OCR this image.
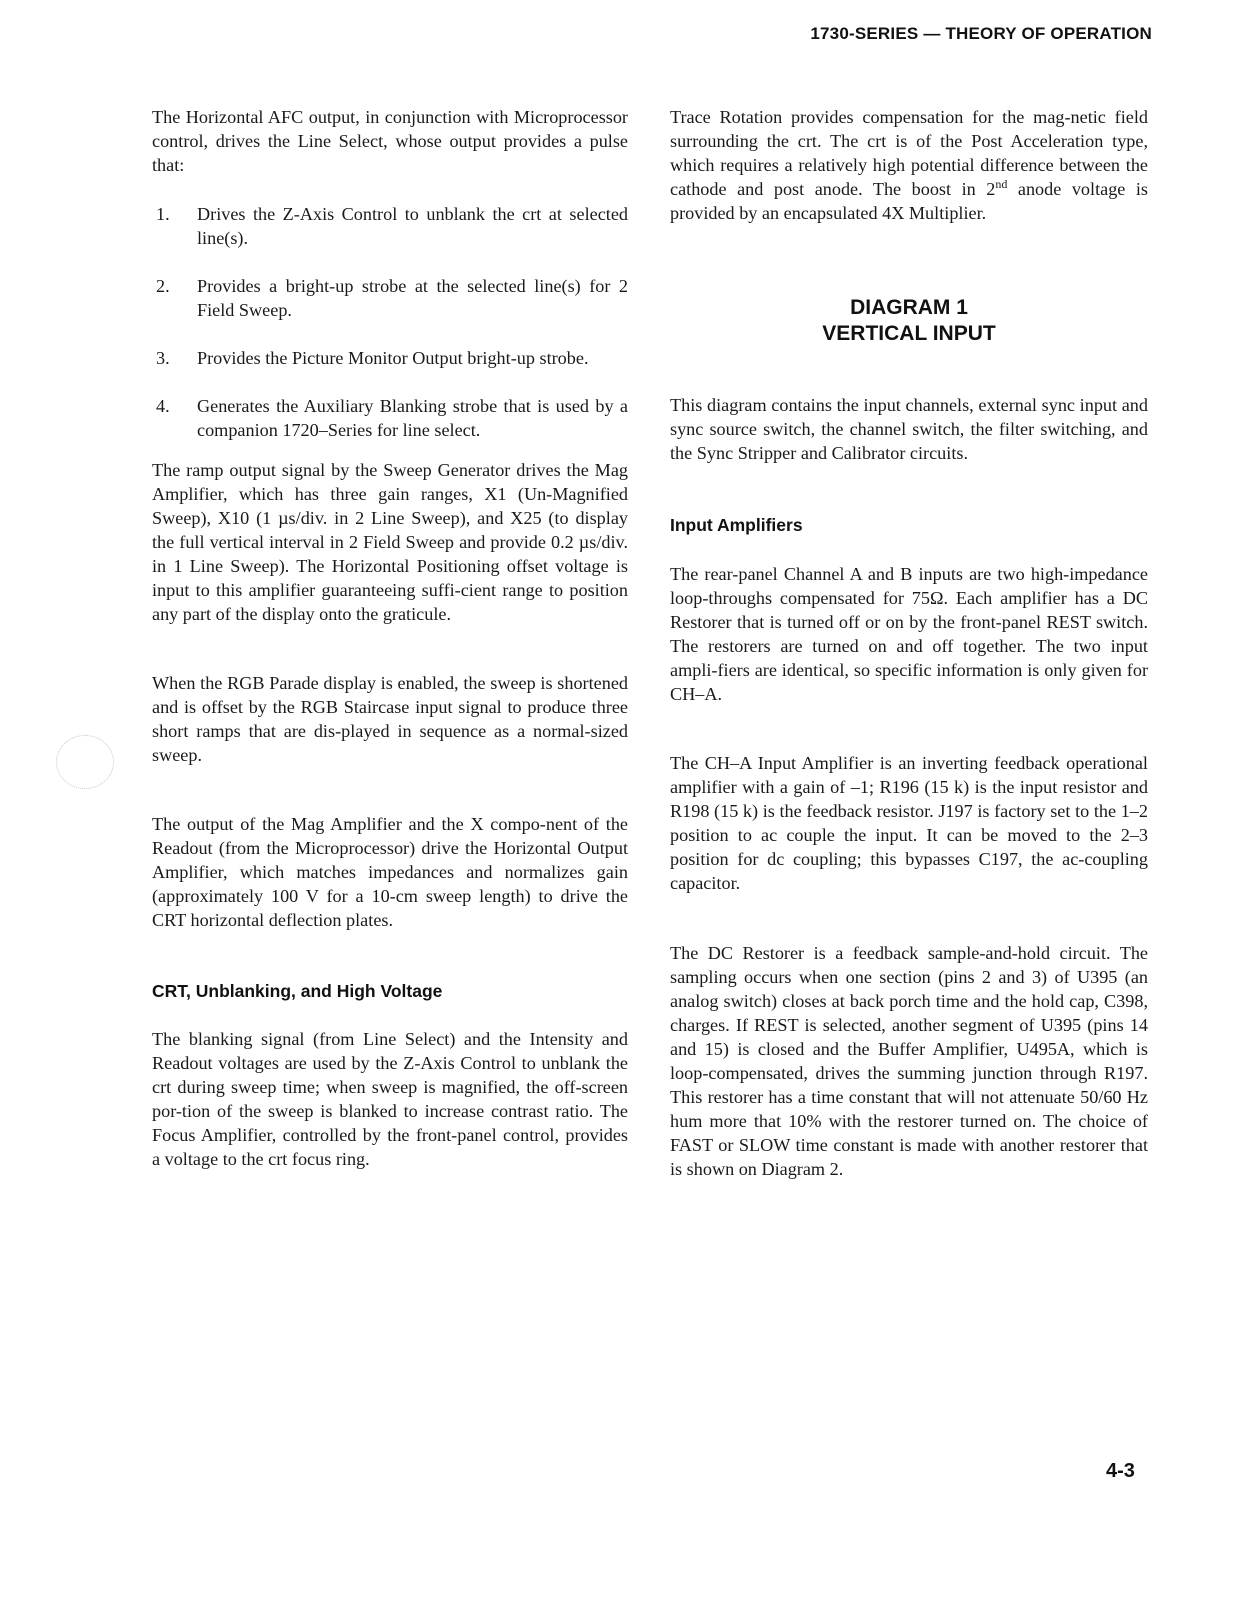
1730-SERIES — THEORY OF OPERATION

The Horizontal AFC output, in conjunction with Microprocessor control, drives the Line Select, whose output provides a pulse that:

1. Drives the Z-Axis Control to unblank the crt at selected line(s).

2. Provides a bright-up strobe at the selected line(s) for 2 Field Sweep.

3. Provides the Picture Monitor Output bright-up strobe.

4. Generates the Auxiliary Blanking strobe that is used by a companion 1720–Series for line select.

The ramp output signal by the Sweep Generator drives the Mag Amplifier, which has three gain ranges, X1 (Un-Magnified Sweep), X10 (1 µs/div. in 2 Line Sweep), and X25 (to display the full vertical interval in 2 Field Sweep and provide 0.2 µs/div. in 1 Line Sweep). The Horizontal Positioning offset voltage is input to this amplifier guaranteeing suffi-cient range to position any part of the display onto the graticule.

When the RGB Parade display is enabled, the sweep is shortened and is offset by the RGB Staircase input signal to produce three short ramps that are dis-played in sequence as a normal-sized sweep.

The output of the Mag Amplifier and the X compo-nent of the Readout (from the Microprocessor) drive the Horizontal Output Amplifier, which matches impedances and normalizes gain (approximately 100 V for a 10-cm sweep length) to drive the CRT horizontal deflection plates.

CRT, Unblanking, and High Voltage

The blanking signal (from Line Select) and the Intensity and Readout voltages are used by the Z-Axis Control to unblank the crt during sweep time; when sweep is magnified, the off-screen por-tion of the sweep is blanked to increase contrast ratio. The Focus Amplifier, controlled by the front-panel control, provides a voltage to the crt focus ring.

Trace Rotation provides compensation for the mag-netic field surrounding the crt. The crt is of the Post Acceleration type, which requires a relatively high potential difference between the cathode and post anode. The boost in 2nd anode voltage is provided by an encapsulated 4X Multiplier.

DIAGRAM 1
VERTICAL INPUT

This diagram contains the input channels, external sync input and sync source switch, the channel switch, the filter switching, and the Sync Stripper and Calibrator circuits.

Input Amplifiers

The rear-panel Channel A and B inputs are two high-impedance loop-throughs compensated for 75Ω. Each amplifier has a DC Restorer that is turned off or on by the front-panel REST switch. The restorers are turned on and off together. The two input ampli-fiers are identical, so specific information is only given for CH–A.

The CH–A Input Amplifier is an inverting feedback operational amplifier with a gain of –1; R196 (15 k) is the input resistor and R198 (15 k) is the feedback resistor. J197 is factory set to the 1–2 position to ac couple the input. It can be moved to the 2–3 position for dc coupling; this bypasses C197, the ac-coupling capacitor.

The DC Restorer is a feedback sample-and-hold circuit. The sampling occurs when one section (pins 2 and 3) of U395 (an analog switch) closes at back porch time and the hold cap, C398, charges. If REST is selected, another segment of U395 (pins 14 and 15) is closed and the Buffer Amplifier, U495A, which is loop-compensated, drives the summing junction through R197. This restorer has a time constant that will not attenuate 50/60 Hz hum more that 10% with the restorer turned on. The choice of FAST or SLOW time constant is made with another restorer that is shown on Diagram 2.

4-3
